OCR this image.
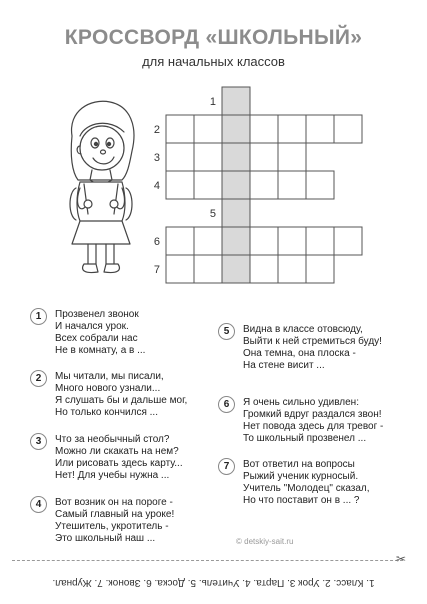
КРОССВОРД «ШКОЛЬНЫЙ»
для начальных классов
1
2
3
4
5
6
7
1	Прозвенел звонок
И начался урок.
Всех собрали нас
Не в комнату, а в ...
2	Мы читали, мы писали,
Много нового узнали...
Я слушать бы и дальше мог,
Но только кончился ...
3	Что за необычный стол?
Можно ли скакать на нем?
Или рисовать здесь карту...
Нет! Для учебы нужна ...
4	Вот возник он на пороге -
Самый главный на уроке!
Утешитель, укротитель -
Это школьный наш ...
5	Видна в классе отовсюду,
Выйти к ней стремиться буду!
Она темна, она плоска -
На стене висит ...
6	Я очень сильно удивлен:
Громкий вдруг раздался звон!
Нет повода здесь для тревог -
То школьный прозвенел ...
7	Вот ответил на вопросы
Рыжий ученик курносый.
Учитель "Молодец" сказал,
Но что поставит он в ... ?
© detskiy-sait.ru
✂
1. Класс. 2. Урок 3. Парта. 4. Учитель. 5. Доска. 6. Звонок. 7. Журнал.
